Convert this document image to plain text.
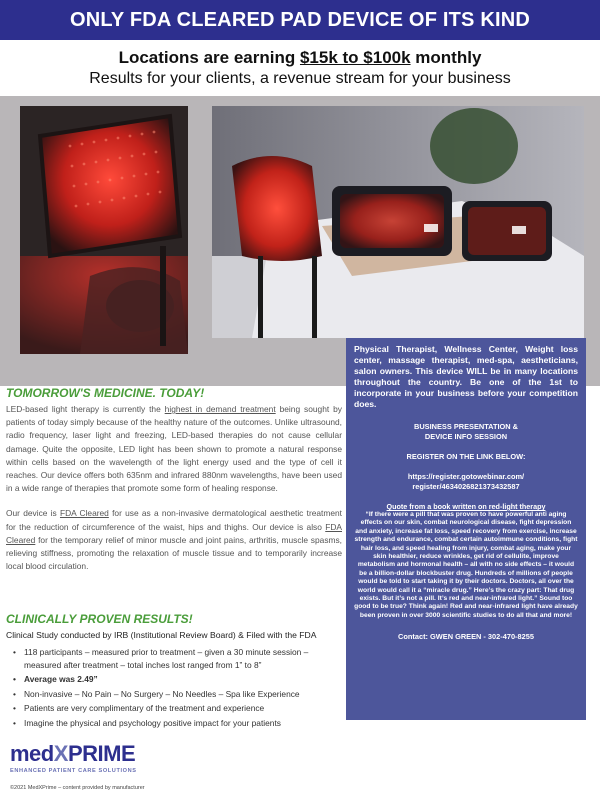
ONLY FDA CLEARED PAD DEVICE OF ITS KIND
Locations are earning $15k to $100k monthly
Results for your clients, a revenue stream for your business
TOMORROW'S MEDICINE. TODAY!

LED-based light therapy is currently the highest in demand treatment being sought by patients of today simply because of the healthy nature of the outcomes. Unlike ultrasound, radio frequency, laser light and freezing, LED-based therapies do not cause cellular damage. Quite the opposite, LED light has been shown to promote a natural response within cells based on the wavelength of the light energy used and the type of cell it reaches. Our device offers both 635nm and infrared 880nm wavelengths, have been used in a wide range of therapies that promote some form of healing response.

Our device is FDA Cleared for use as a non-invasive dermatological aesthetic treatment for the reduction of circumference of the waist, hips and thighs. Our device is also FDA Cleared for the temporary relief of minor muscle and joint pains, arthritis, muscle spasms, relieving stiffness, promoting the relaxation of muscle tissue and to temporarily increase local blood circulation.

CLINICALLY PROVEN RESULTS!
Clinical Study conducted by IRB (Institutional Review Board) & Filed with the FDA
• 118 participants – measured prior to treatment – given a 30 minute session – measured after treatment – total inches lost ranged from 1” to 8”
• Average was 2.49”
• Non-invasive – No Pain – No Surgery – No Needles – Spa like Experience
• Patients are very complimentary of the treatment and experience
• Imagine the physical and psychology positive impact for your patients

Physical Therapist, Wellness Center, Weight loss center, massage therapist, med-spa, aestheticians, salon owners. This device WILL be in many locations throughout the country. Be one of the 1st to incorporate in your business before your competition does.

BUSINESS PRESENTATION &
DEVICE INFO SESSION
REGISTER ON THE LINK BELOW:
https://register.gotowebinar.com/
register/4634026821373432587
Quote from a book written on red-light therapy

“If there were a pill that was proven to have powerful anti aging effects on our skin, combat neurological disease, fight depression and anxiety, increase fat loss, speed recovery from exercise, increase strength and endurance, combat certain autoimmune conditions, fight hair loss, and speed healing from injury, combat aging, make your skin healthier, reduce wrinkles, get rid of cellulite, improve metabolism and hormonal health – all with no side effects – it would be a billion-dollar blockbuster drug. Hundreds of millions of people would be told to start taking it by their doctors. Doctors, all over the world would call it a “miracle drug.” Here’s the crazy part: That drug exists. But it’s not a pill. It’s red and near-infrared light.” Sound too good to be true? Think again! Red and near-infrared light have already been proven in over 3000 scientific studies to do all that and more!

Contact: GWEN GREEN - 302-470-8255
medXPRIME
ENHANCED PATIENT CARE SOLUTIONS
©2021 MedXPrime – content provided by manufacturer
